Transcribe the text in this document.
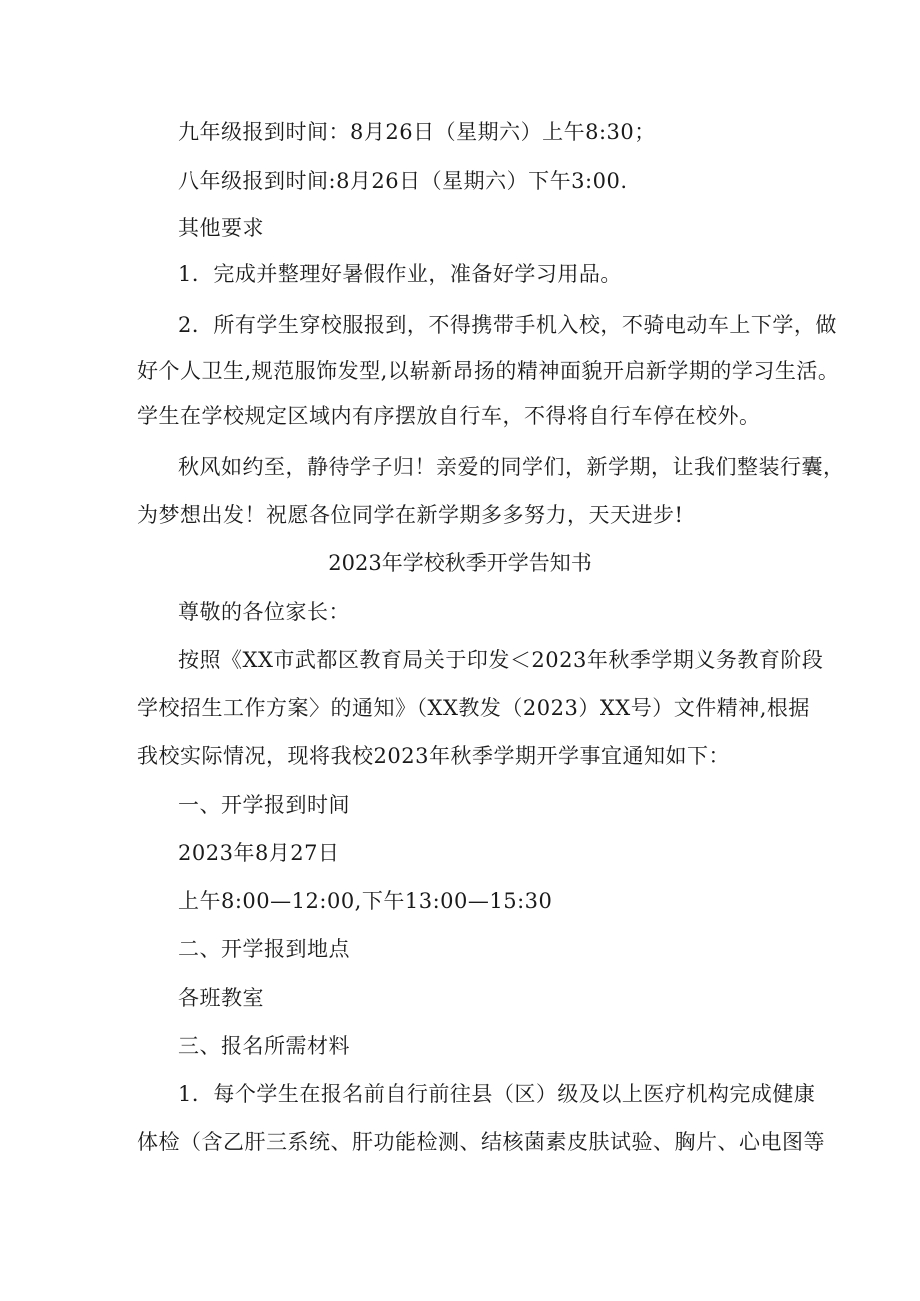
九年级报到时间：8月26日（星期六）上午8:30；
八年级报到时间:8月26日（星期六）下午3:00.
其他要求
1．完成并整理好暑假作业，准备好学习用品。
2．所有学生穿校服报到，不得携带手机入校，不骑电动车上下学，做
好个人卫生,规范服饰发型,以崭新昂扬的精神面貌开启新学期的学习生活。
学生在学校规定区域内有序摆放自行车，不得将自行车停在校外。
秋风如约至，静待学子归！亲爱的同学们，新学期，让我们整装行囊，
为梦想出发！祝愿各位同学在新学期多多努力，天天进步!
2023年学校秋季开学告知书
尊敬的各位家长：
按照《XX市武都区教育局关于印发＜2023年秋季学期义务教育阶段
学校招生工作方案〉的通知》（XX教发（2023）XX号）文件精神,根据
我校实际情况，现将我校2023年秋季学期开学事宜通知如下：
一、开学报到时间
2023年8月27日
上午8:00—12:00,下午13:00—15:30
二、开学报到地点
各班教室
三、报名所需材料
1．每个学生在报名前自行前往县（区）级及以上医疗机构完成健康
体检（含乙肝三系统、肝功能检测、结核菌素皮肤试验、胸片、心电图等
